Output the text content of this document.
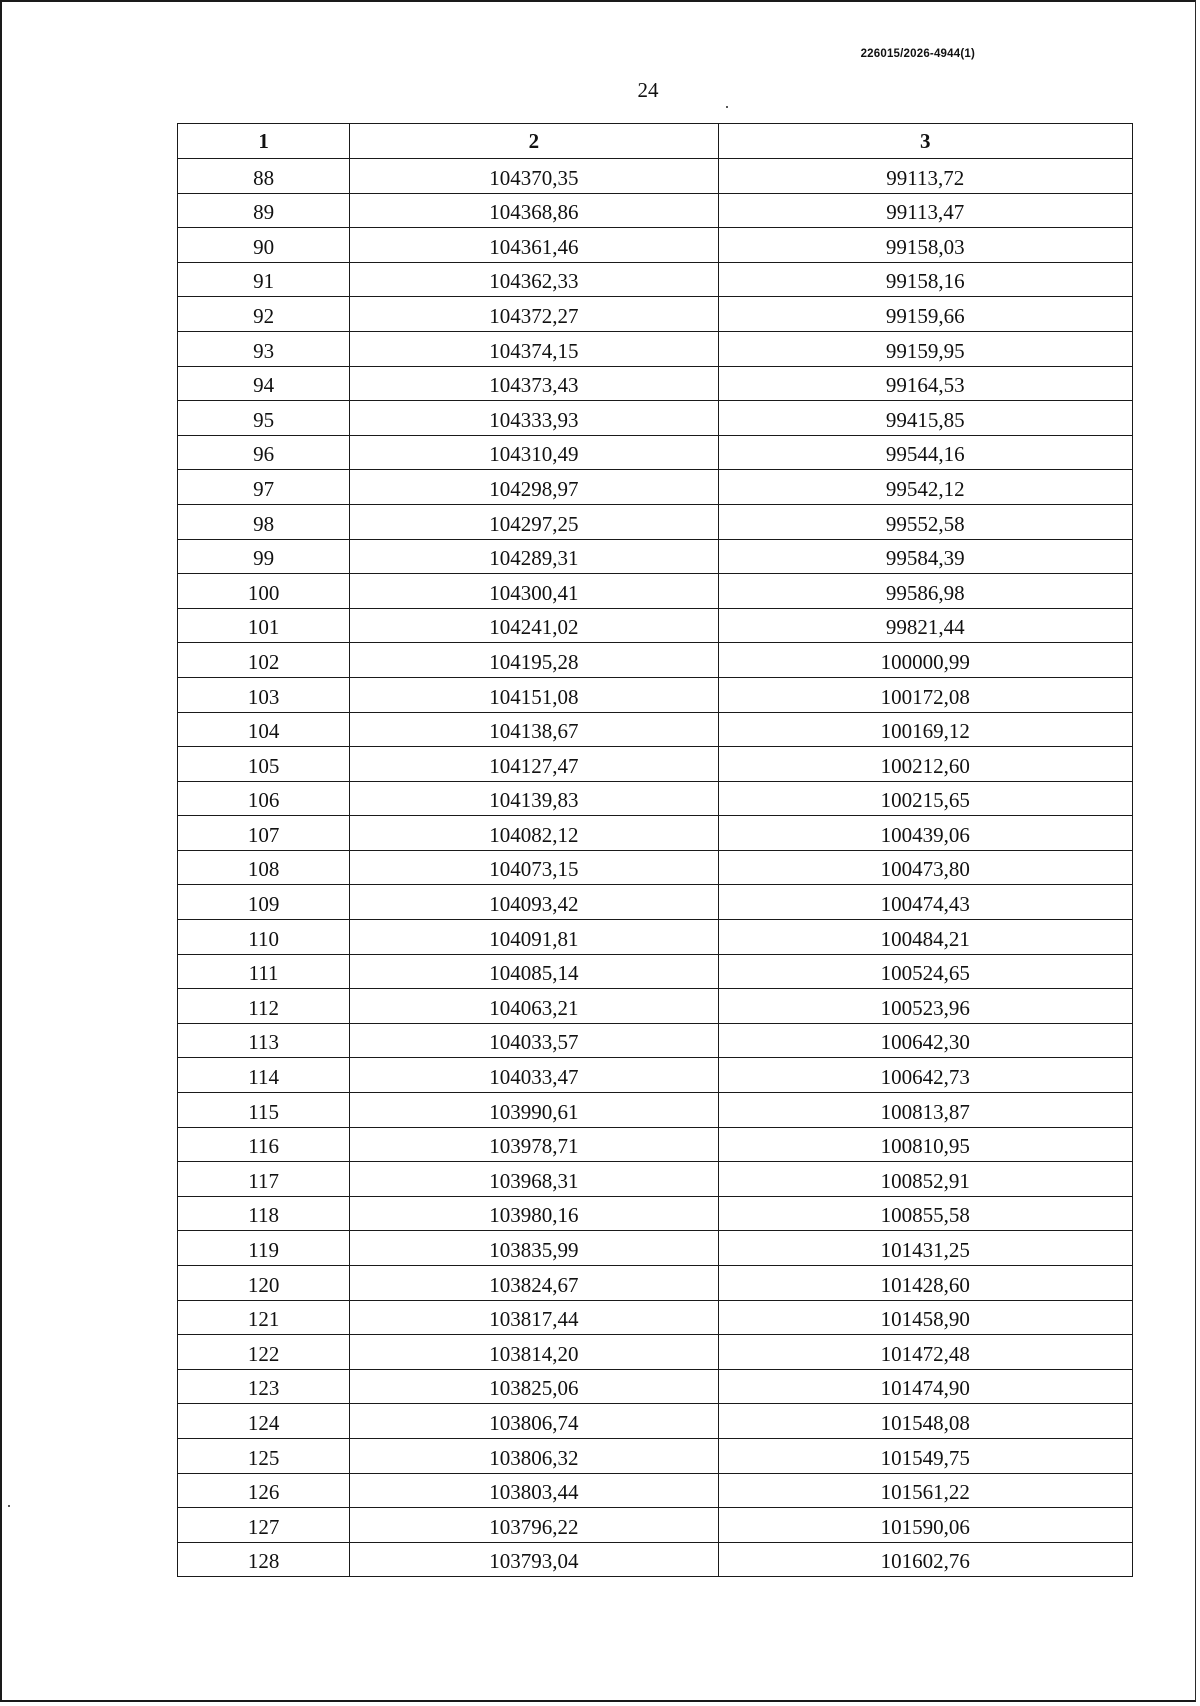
226015/2026-4944(1)
24
1	2	3
88	104370,35	99113,72
89	104368,86	99113,47
90	104361,46	99158,03
91	104362,33	99158,16
92	104372,27	99159,66
93	104374,15	99159,95
94	104373,43	99164,53
95	104333,93	99415,85
96	104310,49	99544,16
97	104298,97	99542,12
98	104297,25	99552,58
99	104289,31	99584,39
100	104300,41	99586,98
101	104241,02	99821,44
102	104195,28	100000,99
103	104151,08	100172,08
104	104138,67	100169,12
105	104127,47	100212,60
106	104139,83	100215,65
107	104082,12	100439,06
108	104073,15	100473,80
109	104093,42	100474,43
110	104091,81	100484,21
111	104085,14	100524,65
112	104063,21	100523,96
113	104033,57	100642,30
114	104033,47	100642,73
115	103990,61	100813,87
116	103978,71	100810,95
117	103968,31	100852,91
118	103980,16	100855,58
119	103835,99	101431,25
120	103824,67	101428,60
121	103817,44	101458,90
122	103814,20	101472,48
123	103825,06	101474,90
124	103806,74	101548,08
125	103806,32	101549,75
126	103803,44	101561,22
127	103796,22	101590,06
128	103793,04	101602,76
